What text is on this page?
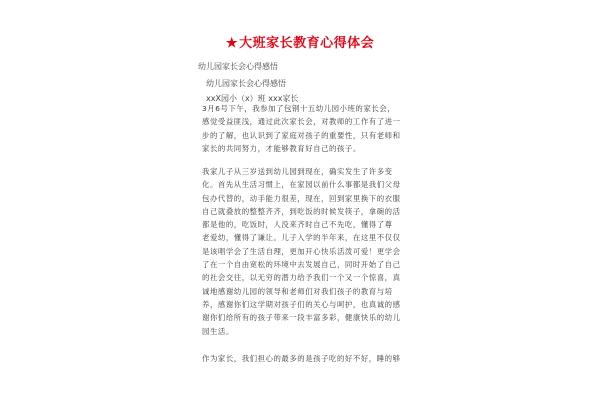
★大班家长教育心得体会
幼儿园家长会心得感悟
幼儿园家长会心得感悟
xxX园小（x）班 xxx家长
3月6号下午，我参加了包钢十五幼儿园小班的家长会，
感觉受益匪浅，通过此次家长会，对教师的工作有了进一
步的了解，也认识到了家庭对孩子的重要性，只有老师和
家长的共同努力，才能够教育好自己的孩子。
我家儿子从三岁送到幼儿园到现在，确实发生了许多变
化。首先从生活习惯上，在家园以前什么事都是我们父母
包办代替的，动手能力很差，现在，回到家里换下的衣服
自己就叠放的整整齐齐，到吃饭的时候发筷子，拿碗的活
都是他的，吃饭时，人没来齐时自己不先吃，懂得了尊
老爱幼，懂得了谦让。儿子入学的半年来，在这里不仅仅
是该唱学会了生活自理，更加开心快乐活泼可爱！更学会
了在一个自由宽松的环境中去发展自己，同时开始了自己
的社会交往，以无穷的潜力给予我们一个又一个惊喜，真
诚地感谢幼儿园的领导和老师们对我们孩子的教育与培
养，感谢你们这学期对孩子们的关心与呵护，也真诚的感
谢你们给所有的孩子带来一段丰富多彩，健康快乐的幼儿
园生活。
作为家长，我们担心的最多的是孩子吃的好不好，睡的够
